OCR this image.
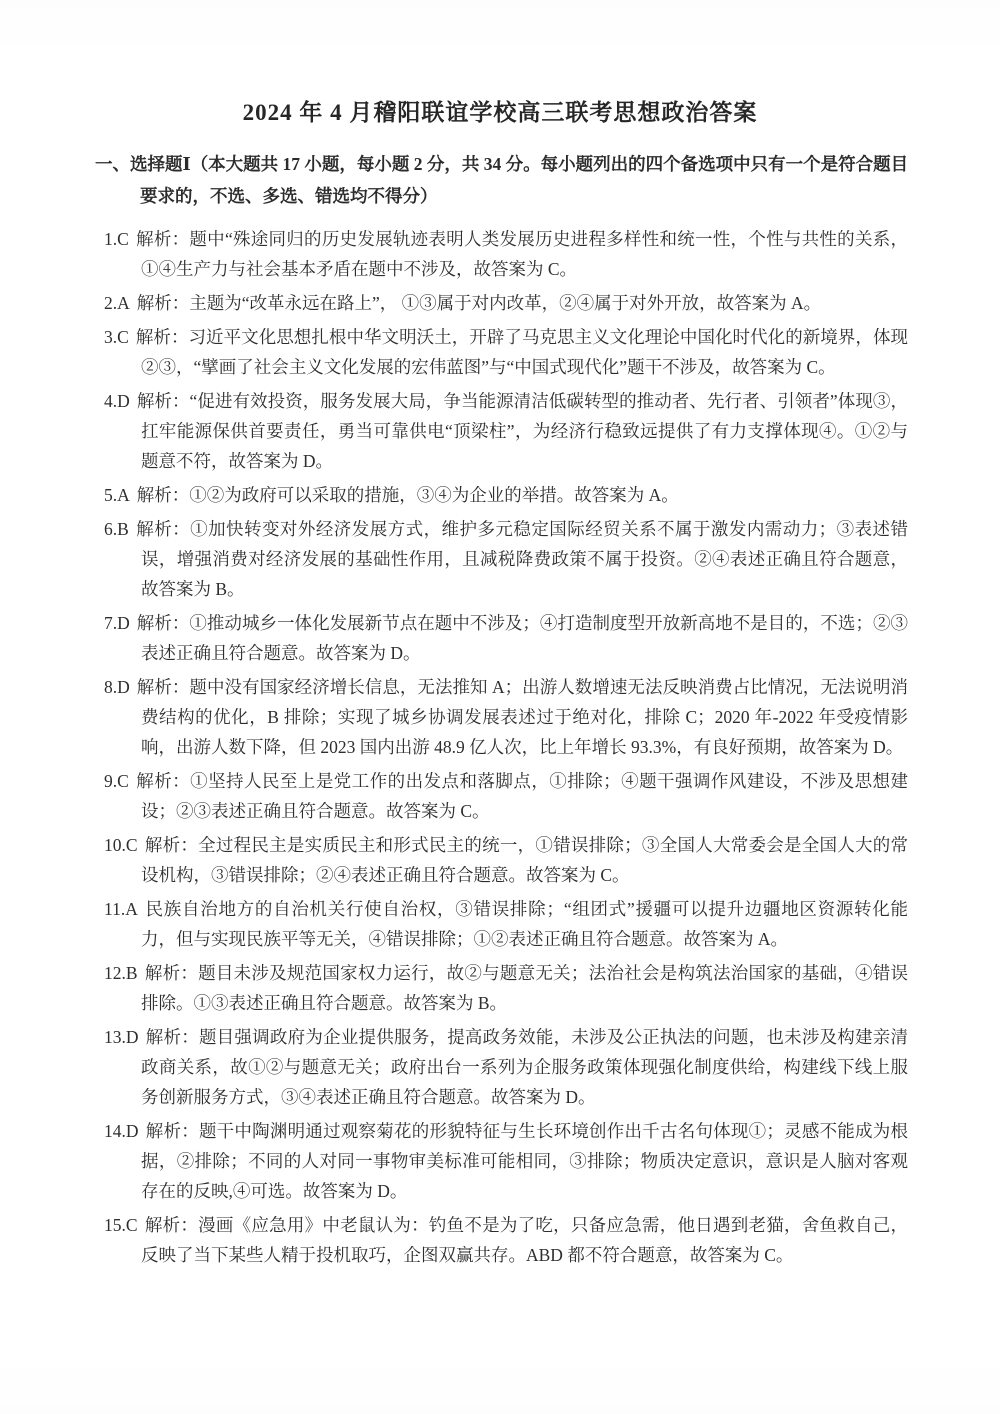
2024 年 4 月稽阳联谊学校高三联考思想政治答案
一、选择题Ⅰ（本大题共 17 小题，每小题 2 分，共 34 分。每小题列出的四个备选项中只有一个是符合题目要求的，不选、多选、错选均不得分）
1.C 解析：题中“殊途同归的历史发展轨迹表明人类发展历史进程多样性和统一性，个性与共性的关系，①④生产力与社会基本矛盾在题中不涉及，故答案为 C。
2.A 解析：主题为“改革永远在路上”， ①③属于对内改革，②④属于对外开放，故答案为 A。
3.C 解析：习近平文化思想扎根中华文明沃土，开辟了马克思主义文化理论中国化时代化的新境界，体现②③，“擘画了社会主义文化发展的宏伟蓝图”与“中国式现代化”题干不涉及，故答案为 C。
4.D 解析：“促进有效投资，服务发展大局，争当能源清洁低碳转型的推动者、先行者、引领者”体现③，扛牢能源保供首要责任，勇当可靠供电“顶梁柱”，为经济行稳致远提供了有力支撑体现④。①②与题意不符，故答案为 D。
5.A 解析：①②为政府可以采取的措施，③④为企业的举措。故答案为 A。
6.B 解析：①加快转变对外经济发展方式，维护多元稳定国际经贸关系不属于激发内需动力；③表述错误，增强消费对经济发展的基础性作用，且减税降费政策不属于投资。②④表述正确且符合题意，故答案为 B。
7.D 解析：①推动城乡一体化发展新节点在题中不涉及；④打造制度型开放新高地不是目的，不选；②③表述正确且符合题意。故答案为 D。
8.D 解析：题中没有国家经济增长信息，无法推知 A；出游人数增速无法反映消费占比情况，无法说明消费结构的优化，B 排除；实现了城乡协调发展表述过于绝对化，排除 C；2020 年-2022 年受疫情影响，出游人数下降，但 2023 国内出游 48.9 亿人次，比上年增长 93.3%，有良好预期，故答案为 D。
9.C 解析：①坚持人民至上是党工作的出发点和落脚点，①排除；④题干强调作风建设，不涉及思想建设；②③表述正确且符合题意。故答案为 C。
10.C 解析：全过程民主是实质民主和形式民主的统一，①错误排除；③全国人大常委会是全国人大的常设机构，③错误排除；②④表述正确且符合题意。故答案为 C。
11.A 民族自治地方的自治机关行使自治权，③错误排除；“组团式”援疆可以提升边疆地区资源转化能力，但与实现民族平等无关，④错误排除；①②表述正确且符合题意。故答案为 A。
12.B 解析：题目未涉及规范国家权力运行，故②与题意无关；法治社会是构筑法治国家的基础，④错误排除。①③表述正确且符合题意。故答案为 B。
13.D 解析：题目强调政府为企业提供服务，提高政务效能，未涉及公正执法的问题，也未涉及构建亲清政商关系，故①②与题意无关；政府出台一系列为企服务政策体现强化制度供给，构建线下线上服务创新服务方式，③④表述正确且符合题意。故答案为 D。
14.D 解析：题干中陶渊明通过观察菊花的形貌特征与生长环境创作出千古名句体现①；灵感不能成为根据，②排除；不同的人对同一事物审美标准可能相同，③排除；物质决定意识，意识是人脑对客观存在的反映,④可选。故答案为 D。
15.C 解析：漫画《应急用》中老鼠认为：钓鱼不是为了吃，只备应急需，他日遇到老猫，舍鱼救自己，反映了当下某些人精于投机取巧，企图双赢共存。ABD 都不符合题意，故答案为 C。
